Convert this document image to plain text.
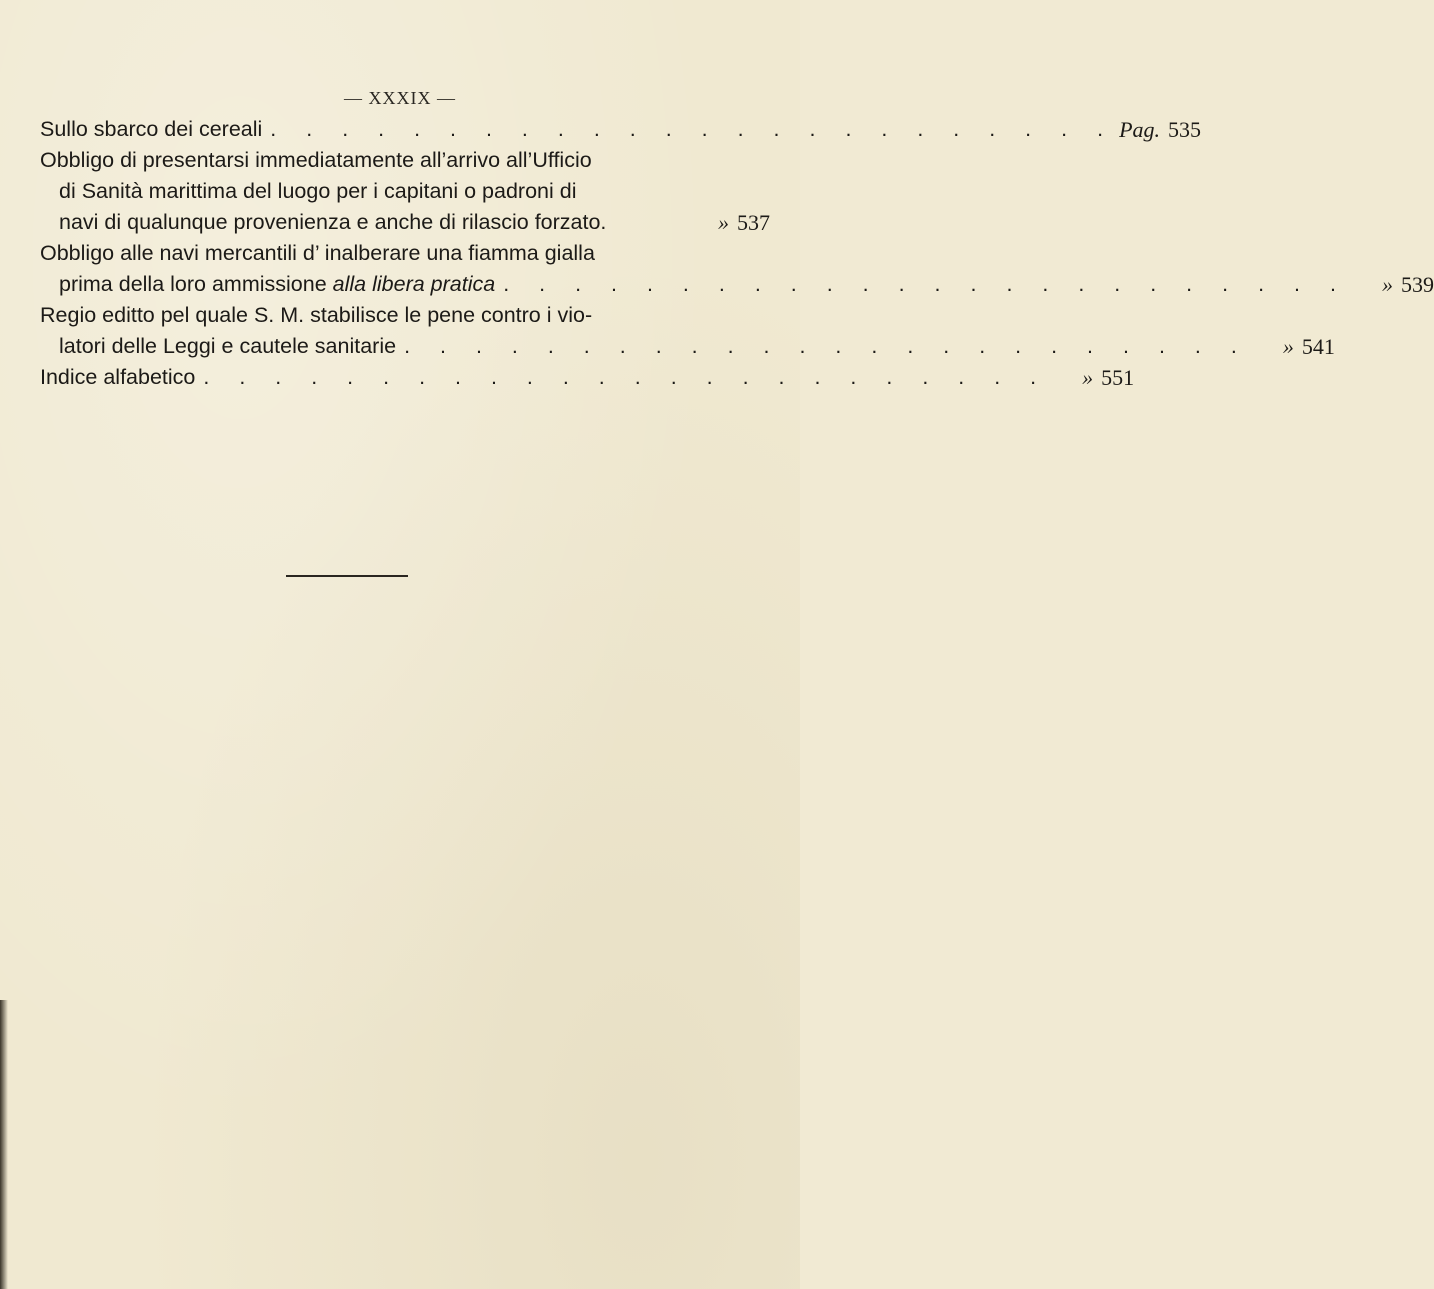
— XXXIX —
Sullo sbarco dei cereali . . . . . . . . . . . . . . . . . . . . . . . . Pag. 535
Obbligo di presentarsi immediatamente all’arrivo all’Ufficio
di Sanità marittima del luogo per i capitani o padroni di
navi di qualunque provenienza e anche di rilascio forzato.	» 537
Obbligo alle navi mercantili d’ inalberare una fiamma gialla
prima della loro ammissione alla libera pratica . . . . . . . . . . . . . . . . . . . . . . . . » 539
Regio editto pel quale S. M. stabilisce le pene contro i vio-
latori delle Leggi e cautele sanitarie . . . . . . . . . . . . . . . . . . . . . . . . » 541
Indice alfabetico . . . . . . . . . . . . . . . . . . . . . . . . » 551
